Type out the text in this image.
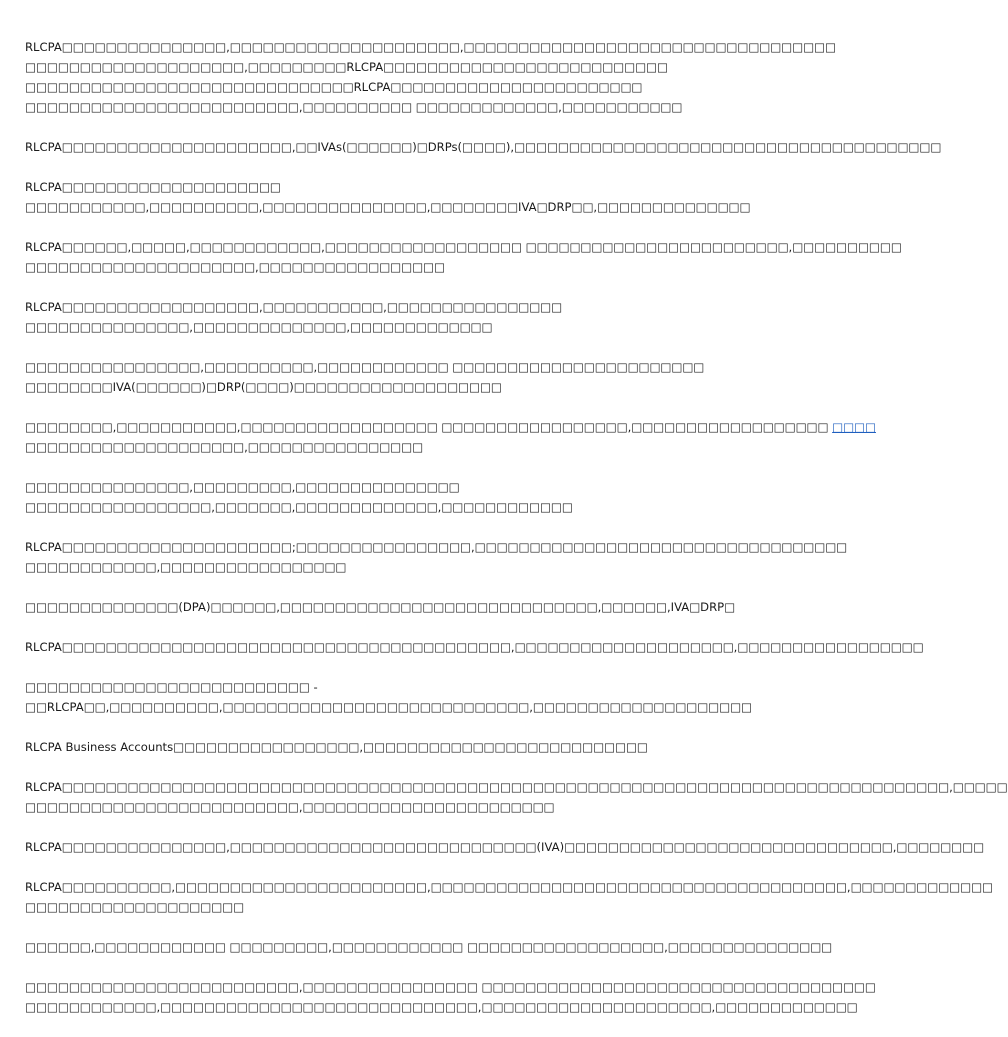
RLCPA□□□□□□□□□□□□□□□,□□□□□□□□□□□□□□□□□□□□□,□□□□□□□□□□□□□□□□□□□□□□□□□□□□□□□□□□
□□□□□□□□□□□□□□□□□□□□,□□□□□□□□□RLCPA□□□□□□□□□□□□□□□□□□□□□□□□□□
□□□□□□□□□□□□□□□□□□□□□□□□□□□□□□RLCPA□□□□□□□□□□□□□□□□□□□□□□□
□□□□□□□□□□□□□□□□□□□□□□□□□,□□□□□□□□□□ □□□□□□□□□□□□□,□□□□□□□□□□□
RLCPA□□□□□□□□□□□□□□□□□□□□□,□□IVAs(□□□□□□)□DRPs(□□□□),□□□□□□□□□□□□□□□□□□□□□□□□□□□□□□□□□□□□□□□
RLCPA□□□□□□□□□□□□□□□□□□□□
□□□□□□□□□□□,□□□□□□□□□□,□□□□□□□□□□□□□□□,□□□□□□□□IVA□DRP□□,□□□□□□□□□□□□□□
RLCPA□□□□□□,□□□□□,□□□□□□□□□□□□,□□□□□□□□□□□□□□□□□□ □□□□□□□□□□□□□□□□□□□□□□□□,□□□□□□□□□□
□□□□□□□□□□□□□□□□□□□□□,□□□□□□□□□□□□□□□□□
RLCPA□□□□□□□□□□□□□□□□□□,□□□□□□□□□□□,□□□□□□□□□□□□□□□□
□□□□□□□□□□□□□□□,□□□□□□□□□□□□□□,□□□□□□□□□□□□□
□□□□□□□□□□□□□□□□,□□□□□□□□□□,□□□□□□□□□□□□ □□□□□□□□□□□□□□□□□□□□□□□
□□□□□□□□IVA(□□□□□□)□DRP(□□□□)□□□□□□□□□□□□□□□□□□□
□□□□□□□□,□□□□□□□□□□□,□□□□□□□□□□□□□□□□□□ □□□□□□□□□□□□□□□□□,□□□□□□□□□□□□□□□□□□ □□□□
□□□□□□□□□□□□□□□□□□□□,□□□□□□□□□□□□□□□□
□□□□□□□□□□□□□□□,□□□□□□□□□,□□□□□□□□□□□□□□□
□□□□□□□□□□□□□□□□□,□□□□□□□,□□□□□□□□□□□□□,□□□□□□□□□□□□
RLCPA□□□□□□□□□□□□□□□□□□□□□;□□□□□□□□□□□□□□□□,□□□□□□□□□□□□□□□□□□□□□□□□□□□□□□□□□□
□□□□□□□□□□□□,□□□□□□□□□□□□□□□□□
□□□□□□□□□□□□□□(DPA)□□□□□□,□□□□□□□□□□□□□□□□□□□□□□□□□□□□□,□□□□□□,IVA□DRP□
RLCPA□□□□□□□□□□□□□□□□□□□□□□□□□□□□□□□□□□□□□□□□□,□□□□□□□□□□□□□□□□□□□□,□□□□□□□□□□□□□□□□□
□□□□□□□□□□□□□□□□□□□□□□□□□□ -
□□RLCPA□□,□□□□□□□□□□,□□□□□□□□□□□□□□□□□□□□□□□□□□□□,□□□□□□□□□□□□□□□□□□□□
RLCPA Business Accounts□□□□□□□□□□□□□□□□□,□□□□□□□□□□□□□□□□□□□□□□□□□□
RLCPA□□□□□□□□□□□□□□□□□□□□□□□□□□□□□□□□□□□□□□□□□□□□□□□□□□□□□□□□□□□□□□□□□□□□□□□□□□□□□□□□□,□□□□□
□□□□□□□□□□□□□□□□□□□□□□□□□,□□□□□□□□□□□□□□□□□□□□□□□
RLCPA□□□□□□□□□□□□□□□,□□□□□□□□□□□□□□□□□□□□□□□□□□□□(IVA)□□□□□□□□□□□□□□□□□□□□□□□□□□□□□□,□□□□□□□□
RLCPA□□□□□□□□□□,□□□□□□□□□□□□□□□□□□□□□□□,□□□□□□□□□□□□□□□□□□□□□□□□□□□□□□□□□□□□□□,□□□□□□□□□□□□□
□□□□□□□□□□□□□□□□□□□□
□□□□□□,□□□□□□□□□□□□ □□□□□□□□□,□□□□□□□□□□□□ □□□□□□□□□□□□□□□□□□,□□□□□□□□□□□□□□□
□□□□□□□□□□□□□□□□□□□□□□□□□,□□□□□□□□□□□□□□□□ □□□□□□□□□□□□□□□□□□□□□□□□□□□□□□□□□□□□
□□□□□□□□□□□□,□□□□□□□□□□□□□□□□□□□□□□□□□□□□□,□□□□□□□□□□□□□□□□□□□□□,□□□□□□□□□□□□□
